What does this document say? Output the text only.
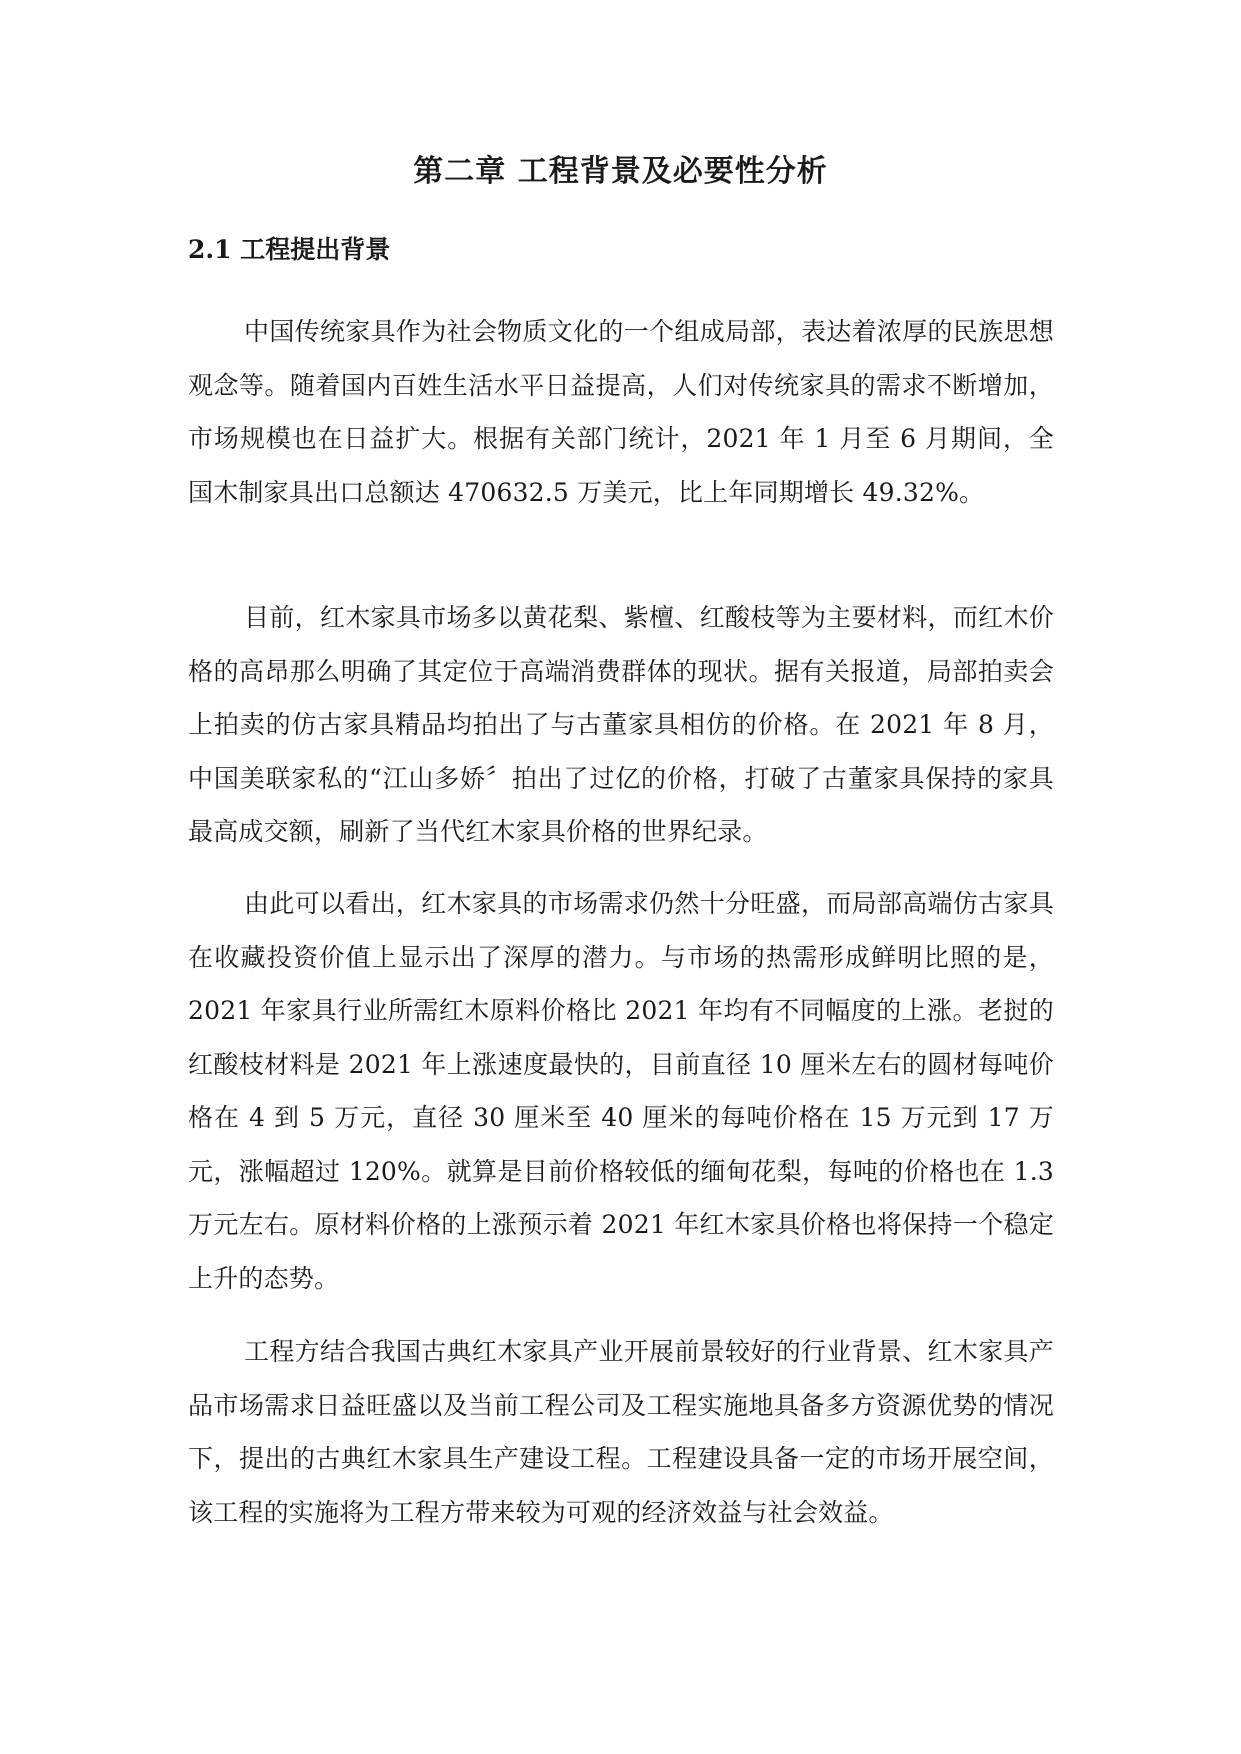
第二章 工程背景及必要性分析
2.1 工程提出背景

中国传统家具作为社会物质文化的一个组成局部，表达着浓厚的民族思想观念等。随着国内百姓生活水平日益提高，人们对传统家具的需求不断增加，市场规模也在日益扩大。根据有关部门统计，2021 年 1 月至 6 月期间，全国木制家具出口总额达 470632.5 万美元，比上年同期增长 49.32%。

目前，红木家具市场多以黄花梨、紫檀、红酸枝等为主要材料，而红木价格的高昂那么明确了其定位于高端消费群体的现状。据有关报道，局部拍卖会上拍卖的仿古家具精品均拍出了与古董家具相仿的价格。在 2021 年 8 月，中国美联家私的“江山多娇〞拍出了过亿的价格，打破了古董家具保持的家具最高成交额，刷新了当代红木家具价格的世界纪录。

由此可以看出，红木家具的市场需求仍然十分旺盛，而局部高端仿古家具在收藏投资价值上显示出了深厚的潜力。与市场的热需形成鲜明比照的是，2021 年家具行业所需红木原料价格比 2021 年均有不同幅度的上涨。老挝的红酸枝材料是 2021 年上涨速度最快的，目前直径 10 厘米左右的圆材每吨价格在 4 到 5 万元，直径 30 厘米至 40 厘米的每吨价格在 15 万元到 17 万元，涨幅超过 120%。就算是目前价格较低的缅甸花梨，每吨的价格也在 1.3 万元左右。原材料价格的上涨预示着 2021 年红木家具价格也将保持一个稳定上升的态势。

工程方结合我国古典红木家具产业开展前景较好的行业背景、红木家具产品市场需求日益旺盛以及当前工程公司及工程实施地具备多方资源优势的情况下，提出的古典红木家具生产建设工程。工程建设具备一定的市场开展空间，该工程的实施将为工程方带来较为可观的经济效益与社会效益。
